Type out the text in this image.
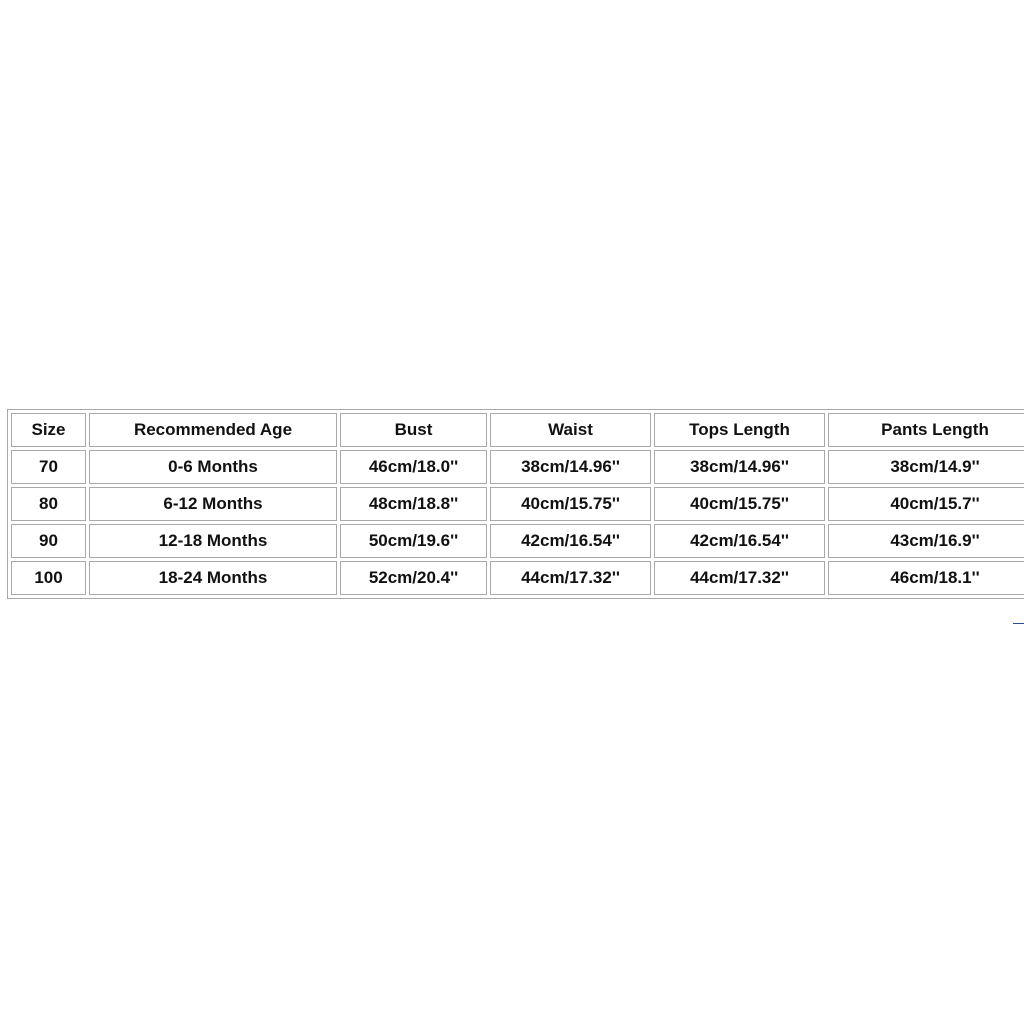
Size	Recommended Age	Bust	Waist	Tops Length	Pants Length
70	0-6 Months	46cm/18.0''	38cm/14.96''	38cm/14.96''	38cm/14.9''
80	6-12 Months	48cm/18.8''	40cm/15.75''	40cm/15.75''	40cm/15.7''
90	12-18 Months	50cm/19.6''	42cm/16.54''	42cm/16.54''	43cm/16.9''
100	18-24 Months	52cm/20.4''	44cm/17.32''	44cm/17.32''	46cm/18.1''
